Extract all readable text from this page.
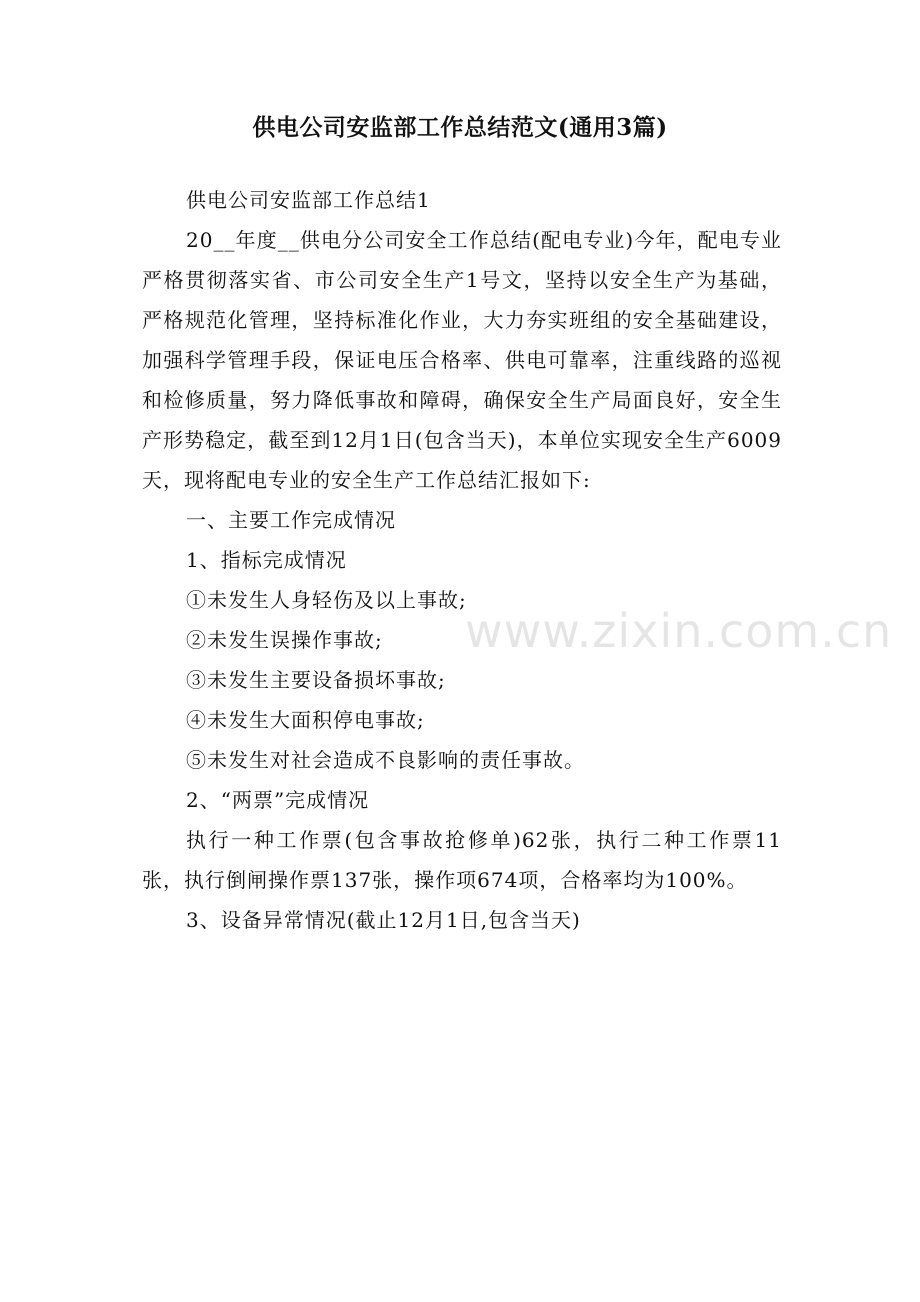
供电公司安监部工作总结范文(通用3篇)

供电公司安监部工作总结1

20__年度__供电分公司安全工作总结(配电专业)今年，配电专业严格贯彻落实省、市公司安全生产1号文，坚持以安全生产为基础，严格规范化管理，坚持标准化作业，大力夯实班组的安全基础建设，加强科学管理手段，保证电压合格率、供电可靠率，注重线路的巡视和检修质量，努力降低事故和障碍，确保安全生产局面良好，安全生产形势稳定，截至到12月1日(包含当天)，本单位实现安全生产6009天，现将配电专业的安全生产工作总结汇报如下:

一、主要工作完成情况

1、指标完成情况

①未发生人身轻伤及以上事故;

②未发生误操作事故;

③未发生主要设备损坏事故;

④未发生大面积停电事故;

⑤未发生对社会造成不良影响的责任事故。

2、“两票”完成情况

执行一种工作票(包含事故抢修单)62张，执行二种工作票11张，执行倒闸操作票137张，操作项674项，合格率均为100%。

3、设备异常情况(截止12月1日,包含当天)

www.zixin.com.cn
